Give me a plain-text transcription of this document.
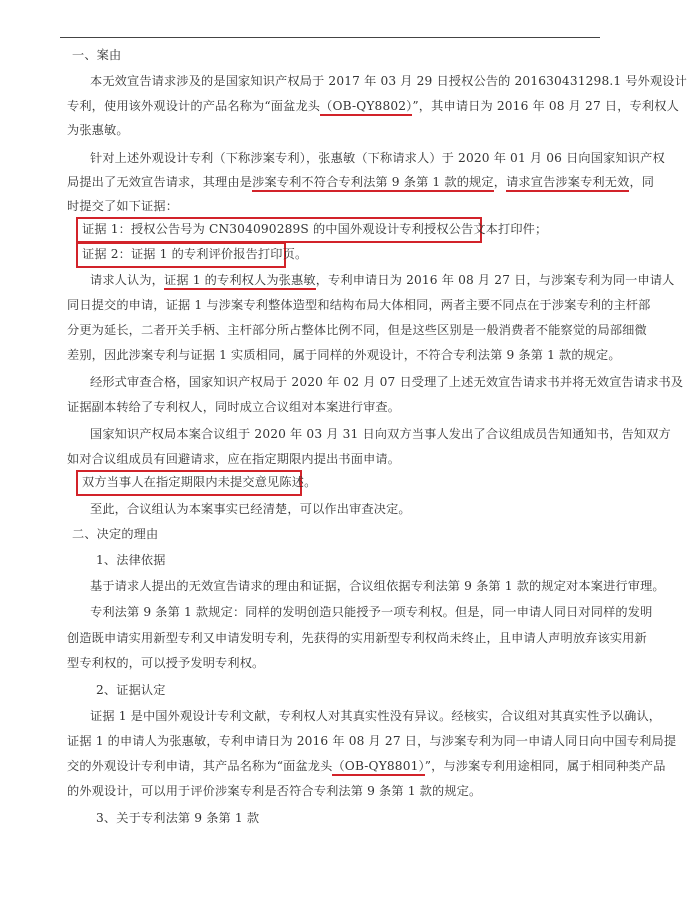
一、案由
本无效宣告请求涉及的是国家知识产权局于 2017 年 03 月 29 日授权公告的 201630431298.1 号外观设计
专利，使用该外观设计的产品名称为“面盆龙头（OB-QY8802）”，其申请日为 2016 年 08 月 27 日，专利权人
为张惠敏。
针对上述外观设计专利（下称涉案专利），张惠敏（下称请求人）于 2020 年 01 月 06 日向国家知识产权
局提出了无效宣告请求，其理由是涉案专利不符合专利法第 9 条第 1 款的规定，请求宣告涉案专利无效，同
时提交了如下证据：
证据 1：授权公告号为 CN304090289S 的中国外观设计专利授权公告文本打印件；
证据 2：证据 1 的专利评价报告打印页。
请求人认为，证据 1 的专利权人为张惠敏，专利申请日为 2016 年 08 月 27 日，与涉案专利为同一申请人
同日提交的申请，证据 1 与涉案专利整体造型和结构布局大体相同，两者主要不同点在于涉案专利的主杆部
分更为延长，二者开关手柄、主杆部分所占整体比例不同，但是这些区别是一般消费者不能察觉的局部细微
差别，因此涉案专利与证据 1 实质相同，属于同样的外观设计，不符合专利法第 9 条第 1 款的规定。
经形式审查合格，国家知识产权局于 2020 年 02 月 07 日受理了上述无效宣告请求书并将无效宣告请求书及
证据副本转给了专利权人，同时成立合议组对本案进行审查。
国家知识产权局本案合议组于 2020 年 03 月 31 日向双方当事人发出了合议组成员告知通知书，告知双方
如对合议组成员有回避请求，应在指定期限内提出书面申请。
双方当事人在指定期限内未提交意见陈述。
至此，合议组认为本案事实已经清楚，可以作出审查决定。
二、决定的理由
1、法律依据
基于请求人提出的无效宣告请求的理由和证据，合议组依据专利法第 9 条第 1 款的规定对本案进行审理。
专利法第 9 条第 1 款规定：同样的发明创造只能授予一项专利权。但是，同一申请人同日对同样的发明
创造既申请实用新型专利又申请发明专利，先获得的实用新型专利权尚未终止，且申请人声明放弃该实用新
型专利权的，可以授予发明专利权。
2、证据认定
证据 1 是中国外观设计专利文献，专利权人对其真实性没有异议。经核实，合议组对其真实性予以确认，
证据 1 的申请人为张惠敏，专利申请日为 2016 年 08 月 27 日，与涉案专利为同一申请人同日向中国专利局提
交的外观设计专利申请，其产品名称为“面盆龙头（OB-QY8801）”，与涉案专利用途相同，属于相同种类产品
的外观设计，可以用于评价涉案专利是否符合专利法第 9 条第 1 款的规定。
3、关于专利法第 9 条第 1 款
